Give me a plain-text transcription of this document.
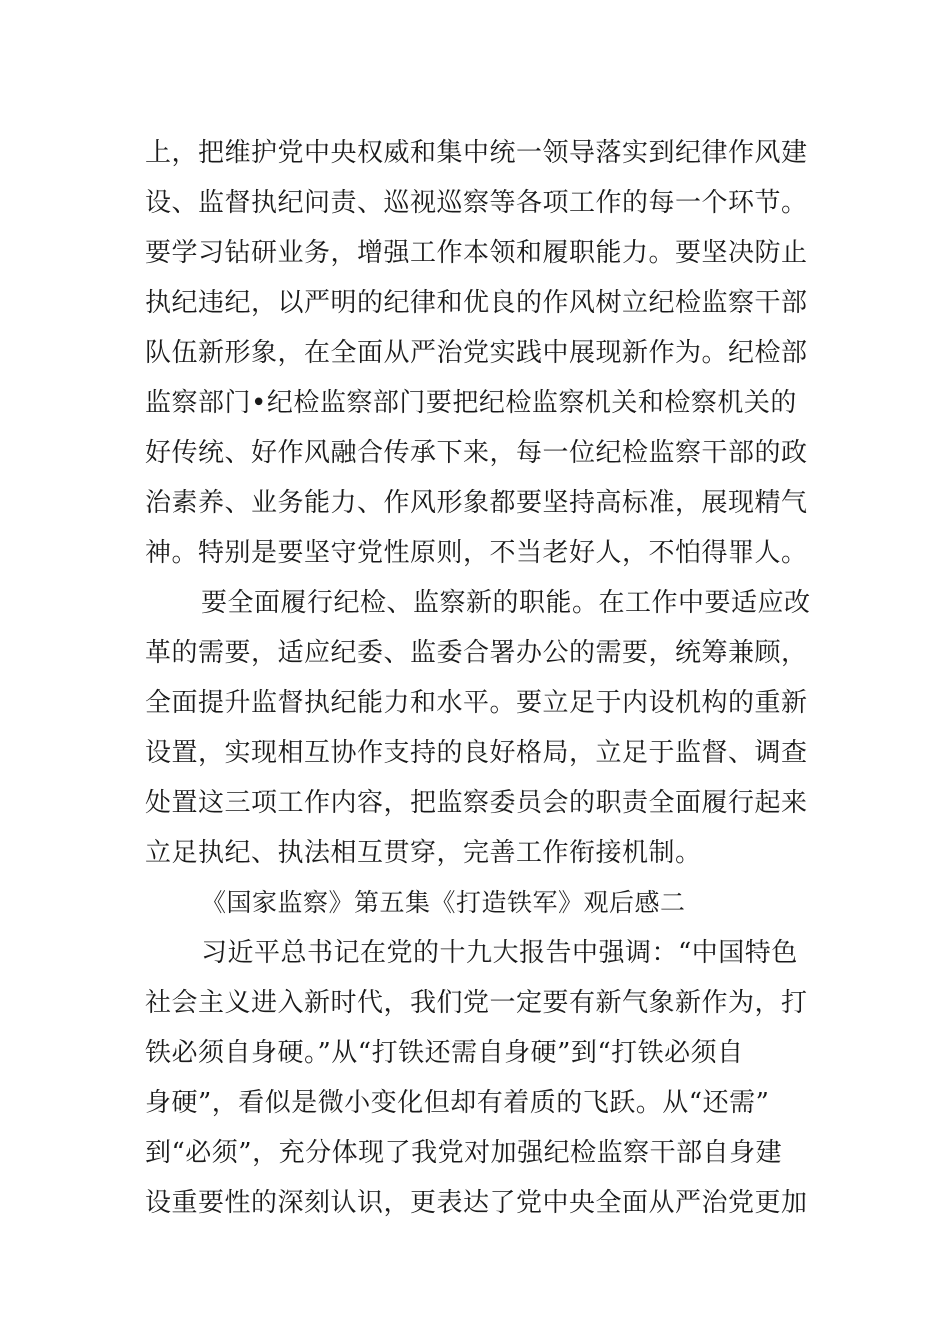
上，把维护党中央权威和集中统一领导落实到纪律作风建
设、监督执纪问责、巡视巡察等各项工作的每一个环节。
要学习钻研业务，增强工作本领和履职能力。要坚决防止
执纪违纪，以严明的纪律和优良的作风树立纪检监察干部
队伍新形象，在全面从严治党实践中展现新作为。纪检部
监察部门•纪检监察部门要把纪检监察机关和检察机关的
好传统、好作风融合传承下来，每一位纪检监察干部的政
治素养、业务能力、作风形象都要坚持高标准，展现精气
神。特别是要坚守党性原则，不当老好人，不怕得罪人。
要全面履行纪检、监察新的职能。在工作中要适应改
革的需要，适应纪委、监委合署办公的需要，统筹兼顾，
全面提升监督执纪能力和水平。要立足于内设机构的重新
设置，实现相互协作支持的良好格局，立足于监督、调查
处置这三项工作内容，把监察委员会的职责全面履行起来
立足执纪、执法相互贯穿，完善工作衔接机制。
《国家监察》第五集《打造铁军》观后感二
习近平总书记在党的十九大报告中强调：“中国特色
社会主义进入新时代，我们党一定要有新气象新作为，打
铁必须自身硬。”从“打铁还需自身硬”到“打铁必须自
身硬”，看似是微小变化但却有着质的飞跃。从“还需”
到“必须”，充分体现了我党对加强纪检监察干部自身建
设重要性的深刻认识，更表达了党中央全面从严治党更加
